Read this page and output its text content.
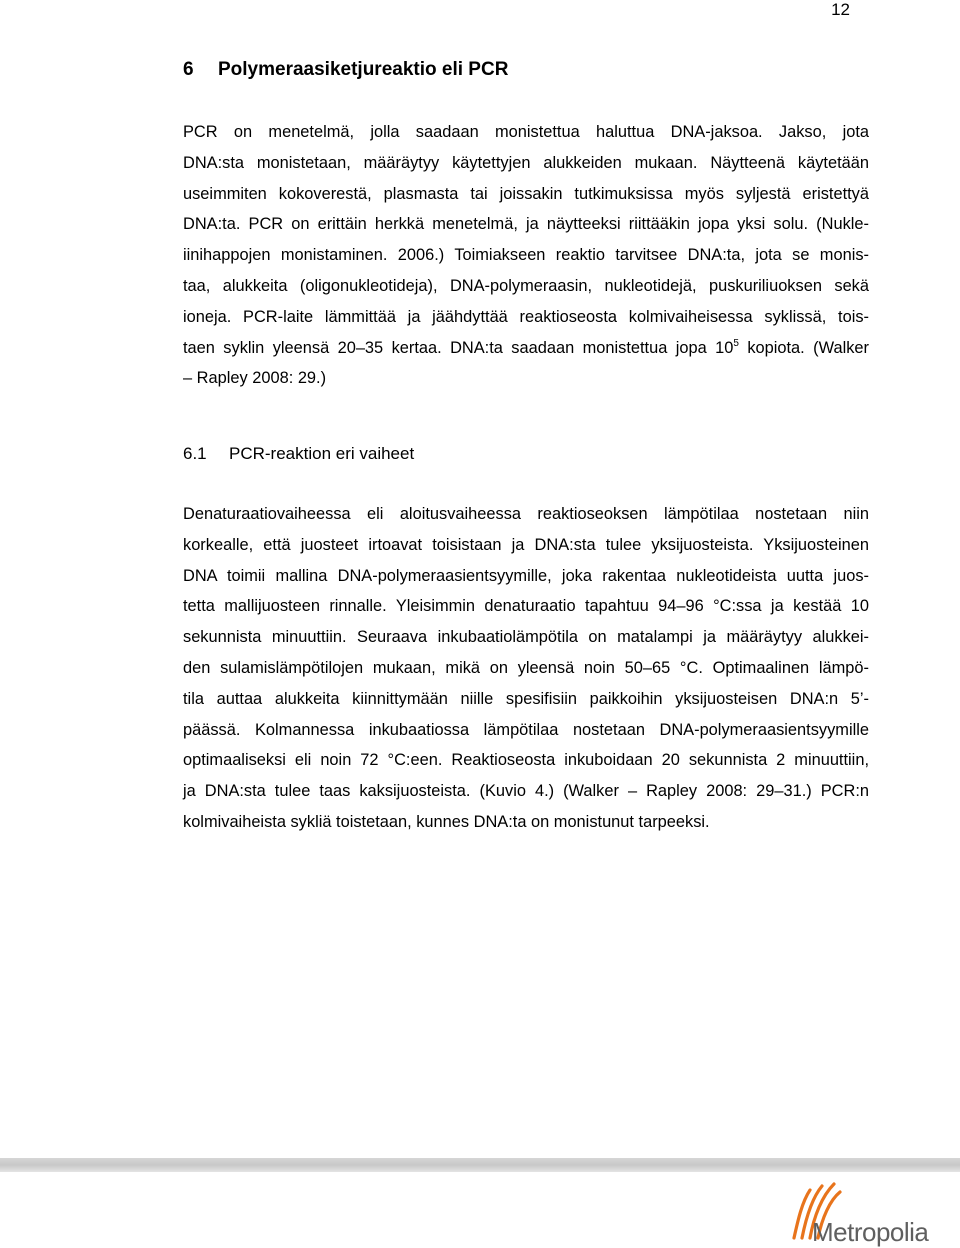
12
6 Polymeraasiketjureaktio eli PCR
PCR on menetelmä, jolla saadaan monistettua haluttua DNA-jaksoa. Jakso, jota
DNA:sta monistetaan, määräytyy käytettyjen alukkeiden mukaan. Näytteenä käytetään
useimmiten kokoverestä, plasmasta tai joissakin tutkimuksissa myös syljestä eristettyä
DNA:ta. PCR on erittäin herkkä menetelmä, ja näytteeksi riittääkin jopa yksi solu. (Nukle-
iinihappojen monistaminen. 2006.) Toimiakseen reaktio tarvitsee DNA:ta, jota se monis-
taa, alukkeita (oligonukleotideja), DNA-polymeraasin, nukleotidejä, puskuriliuoksen sekä
ioneja. PCR-laite lämmittää ja jäähdyttää reaktioseosta kolmivaiheisessa syklissä, tois-
taen syklin yleensä 20‒35 kertaa. DNA:ta saadaan monistettua jopa $10^5$ kopiota. (Walker
‒ Rapley 2008: 29.)
6.1 PCR-reaktion eri vaiheet
Denaturaatiovaiheessa eli aloitusvaiheessa reaktioseoksen lämpötilaa nostetaan niin
korkealle, että juosteet irtoavat toisistaan ja DNA:sta tulee yksijuosteista. Yksijuosteinen
DNA toimii mallina DNA-polymeraasientsyymille, joka rakentaa nukleotideista uutta juos-
tetta mallijuosteen rinnalle. Yleisimmin denaturaatio tapahtuu 94‒96 °C:ssa ja kestää 10
sekunnista minuuttiin. Seuraava inkubaatiolämpötila on matalampi ja määräytyy alukkei-
den sulamislämpötilojen mukaan, mikä on yleensä noin 50‒65 °C. Optimaalinen lämpö-
tila auttaa alukkeita kiinnittymään niille spesifisiin paikkoihin yksijuosteisen DNA:n 5’-
päässä. Kolmannessa inkubaatiossa lämpötilaa nostetaan DNA-polymeraasientsyymille
optimaaliseksi eli noin 72 °C:een. Reaktioseosta inkuboidaan 20 sekunnista 2 minuuttiin,
ja DNA:sta tulee taas kaksijuosteista. (Kuvio 4.) (Walker ‒ Rapley 2008: 29‒31.) PCR:n
kolmivaiheista sykliä toistetaan, kunnes DNA:ta on monistunut tarpeeksi.
Metropolia
